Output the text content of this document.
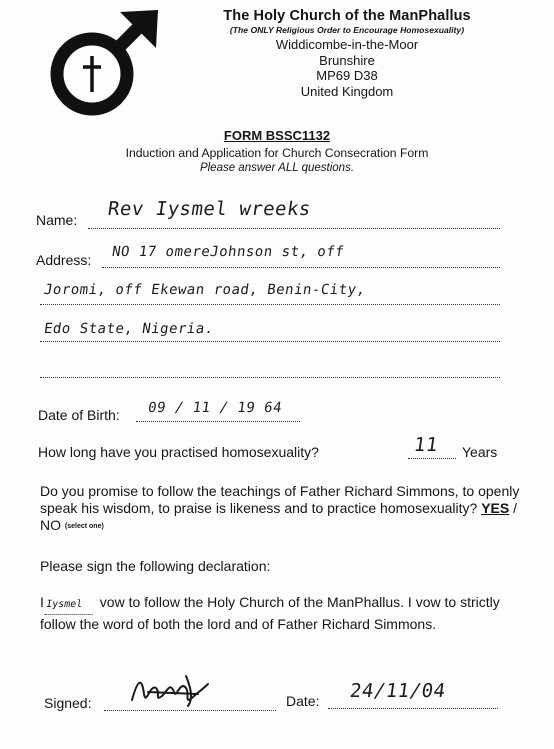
The Holy Church of the ManPhallus
(The ONLY Religious Order to Encourage Homosexuality)
Widdicombe-in-the-Moor
Brunshire
MP69 D38
United Kingdom
FORM BSSC1132
Induction and Application for Church Consecration Form
Please answer ALL questions.
Name: Rev Iysmel wreeks
Address: NO 17 omereJohnson st, off
Joromi, off Ekewan road, Benin-City,
Edo State, Nigeria.
Date of Birth: 09 / 11 / 19 64
How long have you practised homosexuality?	11 Years
Do you promise to follow the teachings of Father Richard Simmons, to openly speak his wisdom, to praise is likeness and to practice homosexuality? YES / NO (select one)
Please sign the following declaration:
IIysmel vow to follow the Holy Church of the ManPhallus. I vow to strictly follow the word of both the lord and of Father Richard Simmons.
Signed:	Date: 24/11/04
